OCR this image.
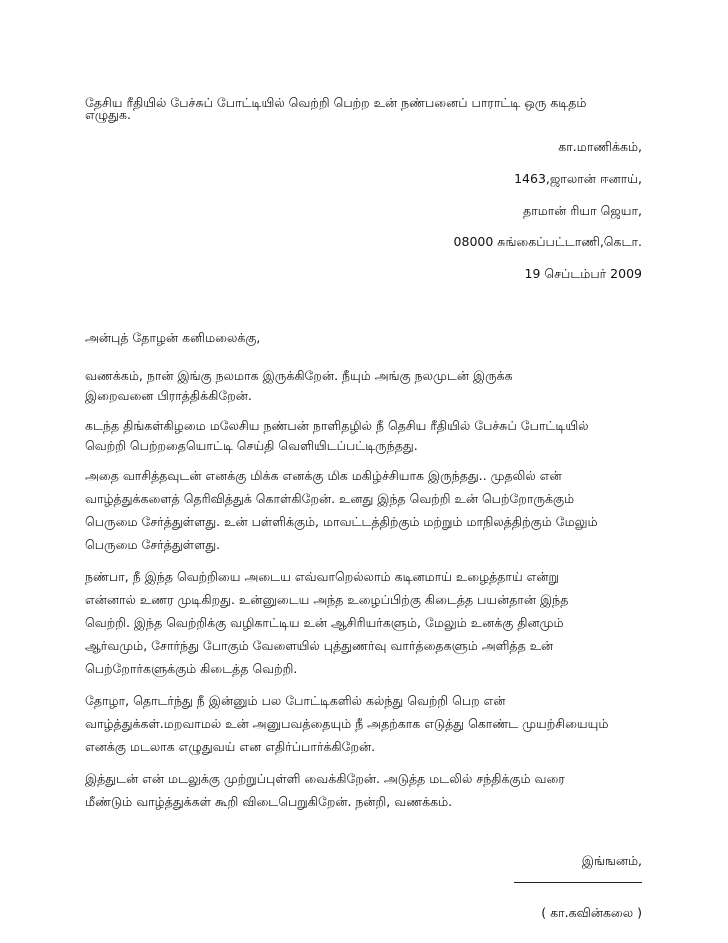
தேசிய ரீதியில் பேச்சுப் போட்டியில் வெற்றி பெற்ற உன் நண்பனைப் பாராட்டி ஒரு கடிதம்
எழுதுக.
கா.மாணிக்கம்,
1463,ஜாலான் ஈனாய்,
தாமான் ரியா ஜெயா,
08000 சுங்கைப்பட்டாணி,கெடா.
19 செப்டம்பர் 2009
அன்புத் தோழன் கனிமலைக்கு,
வணக்கம், நான் இங்கு நலமாக இருக்கிறேன். நீயும் அங்கு நலமுடன் இருக்க
இறைவனை பிராத்திக்கிறேன்.
கடந்த திங்கள்கிழமை மலேசிய நண்பன் நாளிதழில் நீ தெசிய ரீதியில் பேச்சுப் போட்டியில்
வெற்றி பெற்றதையொட்டி செய்தி வெளியிடப்பட்டிருந்தது.
அதை வாசித்தவுடன் எனக்கு மிக்க எனக்கு மிக மகிழ்ச்சியாக இருந்தது.. முதலில் என்
வாழ்த்துக்களைத் தெரிவித்துக் கொள்கிறேன். உனது இந்த வெற்றி உன் பெற்றோருக்கும்
பெருமை சேர்த்துள்ளது. உன் பள்ளிக்கும், மாவட்டத்திற்கும் மற்றும் மாநிலத்திற்கும் மேலும்
பெருமை சேர்த்துள்ளது.
நண்பா, நீ இந்த வெற்றியை அடைய எவ்வாறெல்லாம் கடினமாய் உழைத்தாய் என்று
என்னால் உணர முடிகிறது. உன்னுடைய அந்த உழைப்பிற்கு கிடைத்த பயன்தான் இந்த
வெற்றி. இந்த வெற்றிக்கு வழிகாட்டிய உன் ஆசிரியர்களும், மேலும் உனக்கு தினமும்
ஆர்வமும், சோர்ந்து போகும் வேளையில் புத்துணர்வு வார்த்தைகளும் அளித்த உன்
பெற்றோர்களுக்கும் கிடைத்த வெற்றி.
தோழா, தொடர்ந்து நீ இன்னும் பல போட்டிகளில் கல்ந்து வெற்றி பெற என்
வாழ்த்துக்கள்.மறவாமல் உன் அனுபவத்தையும் நீ அதற்காக எடுத்து கொண்ட முயற்சியையும்
எனக்கு மடலாக எழுதுவய் என எதிர்ப்பார்க்கிறேன்.
இத்துடன் என் மடலுக்கு முற்றுப்புள்ளி வைக்கிறேன். அடுத்த மடலில் சந்திக்கும் வரை
மீண்டும் வாழ்த்துக்கள் கூறி விடைபெறுகிறேன். நன்றி, வணக்கம்.
இங்ஙனம்,
( கா.கவின்கலை )
